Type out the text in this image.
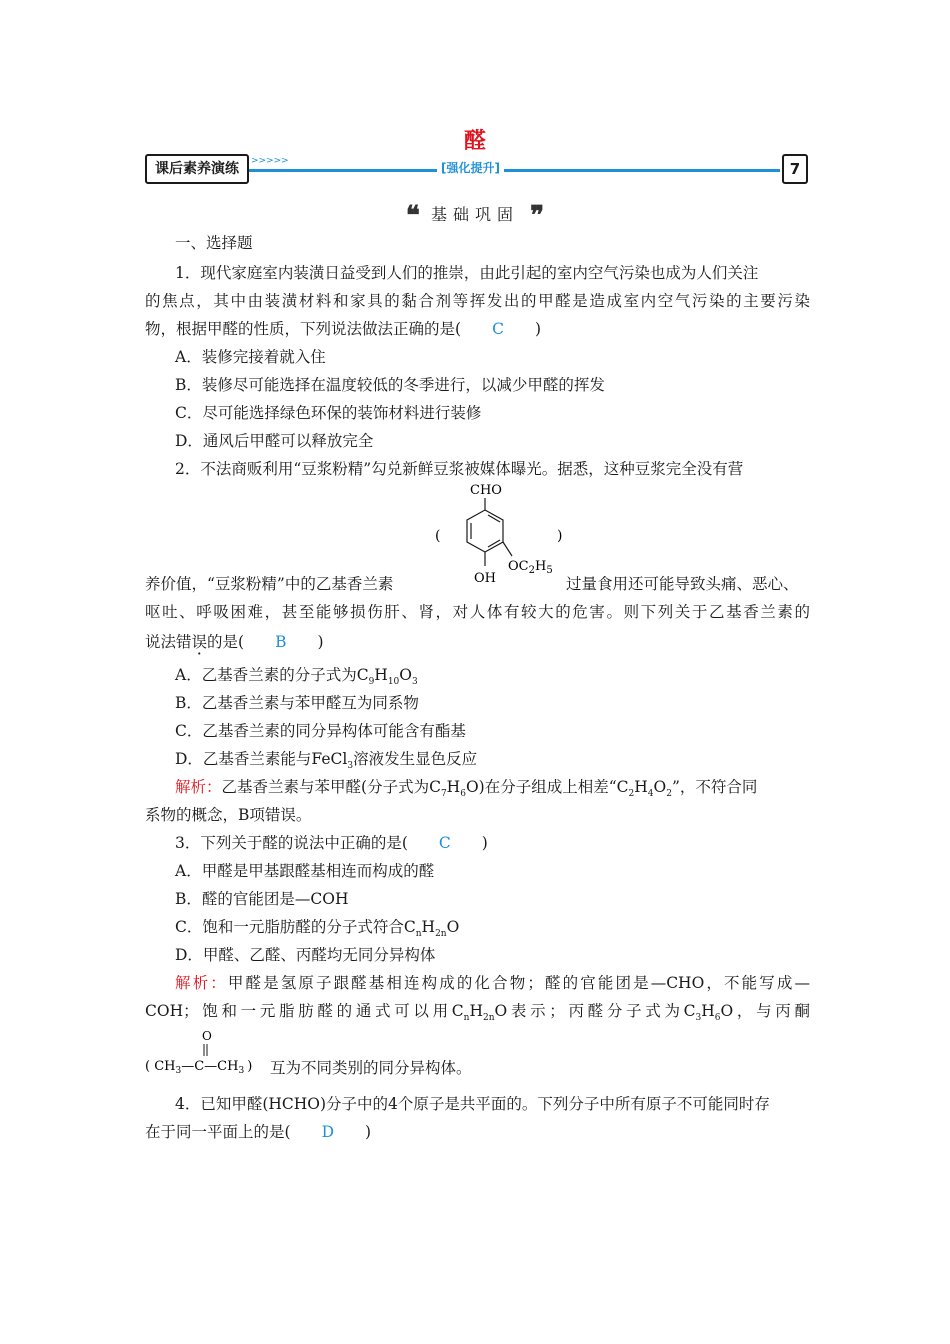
醛
课后素养演练	>>>>>	[强化提升]	7
❝ 基础巩固 ❞
一、选择题
1．现代家庭室内装潢日益受到人们的推崇，由此引起的室内空气污染也成为人们关注
的焦点，其中由装潢材料和家具的黏合剂等挥发出的甲醛是造成室内空气污染的主要污染
物，根据甲醛的性质，下列说法做法正确的是(　　C　　)
A．装修完接着就入住
B．装修尽可能选择在温度较低的冬季进行，以减少甲醛的挥发
C．尽可能选择绿色环保的装饰材料进行装修
D．通风后甲醛可以释放完全
2．不法商贩利用“豆浆粉精”勾兑新鲜豆浆被媒体曝光。据悉，这种豆浆完全没有营
(	)
CHO
OH
$OC_2H_5$
养价值，“豆浆粉精”中的乙基香兰素	过量食用还可能导致头痛、恶心、
呕吐、呼吸困难，甚至能够损伤肝、肾，对人体有较大的危害。则下列关于乙基香兰素的
说法错误的是(　　B　　)
A．乙基香兰素的分子式为$C_9H_{10}O_3$
B．乙基香兰素与苯甲醛互为同系物
C．乙基香兰素的同分异构体可能含有酯基
D．乙基香兰素能与FeCl$_3$溶液发生显色反应
解析：乙基香兰素与苯甲醛(分子式为$C_7H_6O$)在分子组成上相差“$C_2H_4O_2$”，不符合同
系物的概念，B项错误。
3．下列关于醛的说法中正确的是(　　C　　)
A．甲醛是甲基跟醛基相连而构成的醛
B．醛的官能团是—COH
C．饱和一元脂肪醛的分子式符合$C_nH_{2n}O$
D．甲醛、乙醛、丙醛均无同分异构体
解析：甲醛是氢原子跟醛基相连构成的化合物；醛的官能团是—CHO，不能写成—
COH；饱和一元脂肪醛的通式可以用$C_nH_{2n}O$表示；丙醛分子式为$C_3H_6O$，与丙酮
O
( $CH_3—C—CH_3$ ) 互为不同类别的同分异构体。
4．已知甲醛(HCHO)分子中的4个原子是共平面的。下列分子中所有原子不可能同时存
在于同一平面上的是(　　D　　)
